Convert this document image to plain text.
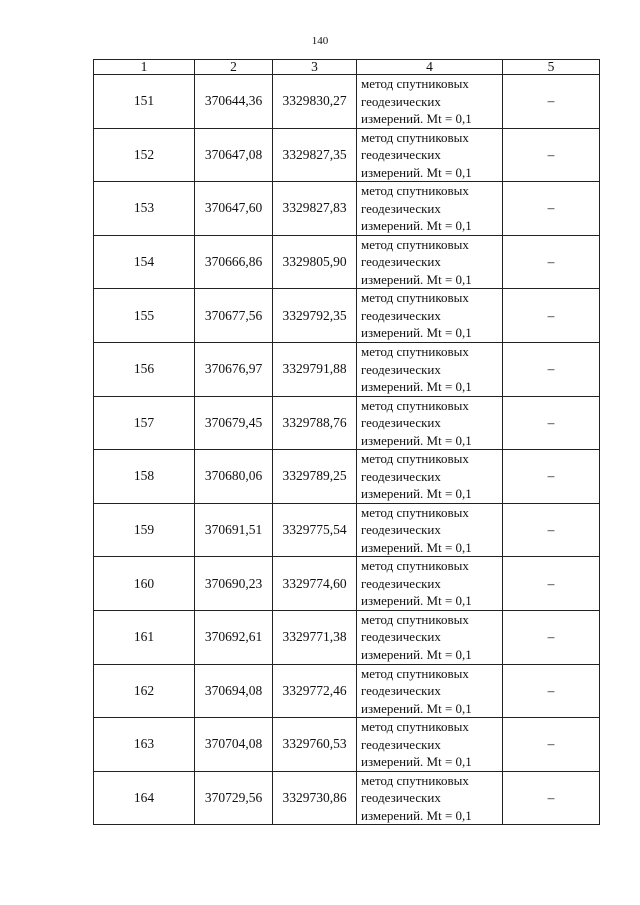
140
1	2	3	4	5
151	370644,36	3329830,27	метод спутниковых
геодезических
измерений. Mt = 0,1	–
152	370647,08	3329827,35	метод спутниковых
геодезических
измерений. Mt = 0,1	–
153	370647,60	3329827,83	метод спутниковых
геодезических
измерений. Mt = 0,1	–
154	370666,86	3329805,90	метод спутниковых
геодезических
измерений. Mt = 0,1	–
155	370677,56	3329792,35	метод спутниковых
геодезических
измерений. Mt = 0,1	–
156	370676,97	3329791,88	метод спутниковых
геодезических
измерений. Mt = 0,1	–
157	370679,45	3329788,76	метод спутниковых
геодезических
измерений. Mt = 0,1	–
158	370680,06	3329789,25	метод спутниковых
геодезических
измерений. Mt = 0,1	–
159	370691,51	3329775,54	метод спутниковых
геодезических
измерений. Mt = 0,1	–
160	370690,23	3329774,60	метод спутниковых
геодезических
измерений. Mt = 0,1	–
161	370692,61	3329771,38	метод спутниковых
геодезических
измерений. Mt = 0,1	–
162	370694,08	3329772,46	метод спутниковых
геодезических
измерений. Mt = 0,1	–
163	370704,08	3329760,53	метод спутниковых
геодезических
измерений. Mt = 0,1	–
164	370729,56	3329730,86	метод спутниковых
геодезических
измерений. Mt = 0,1	–
